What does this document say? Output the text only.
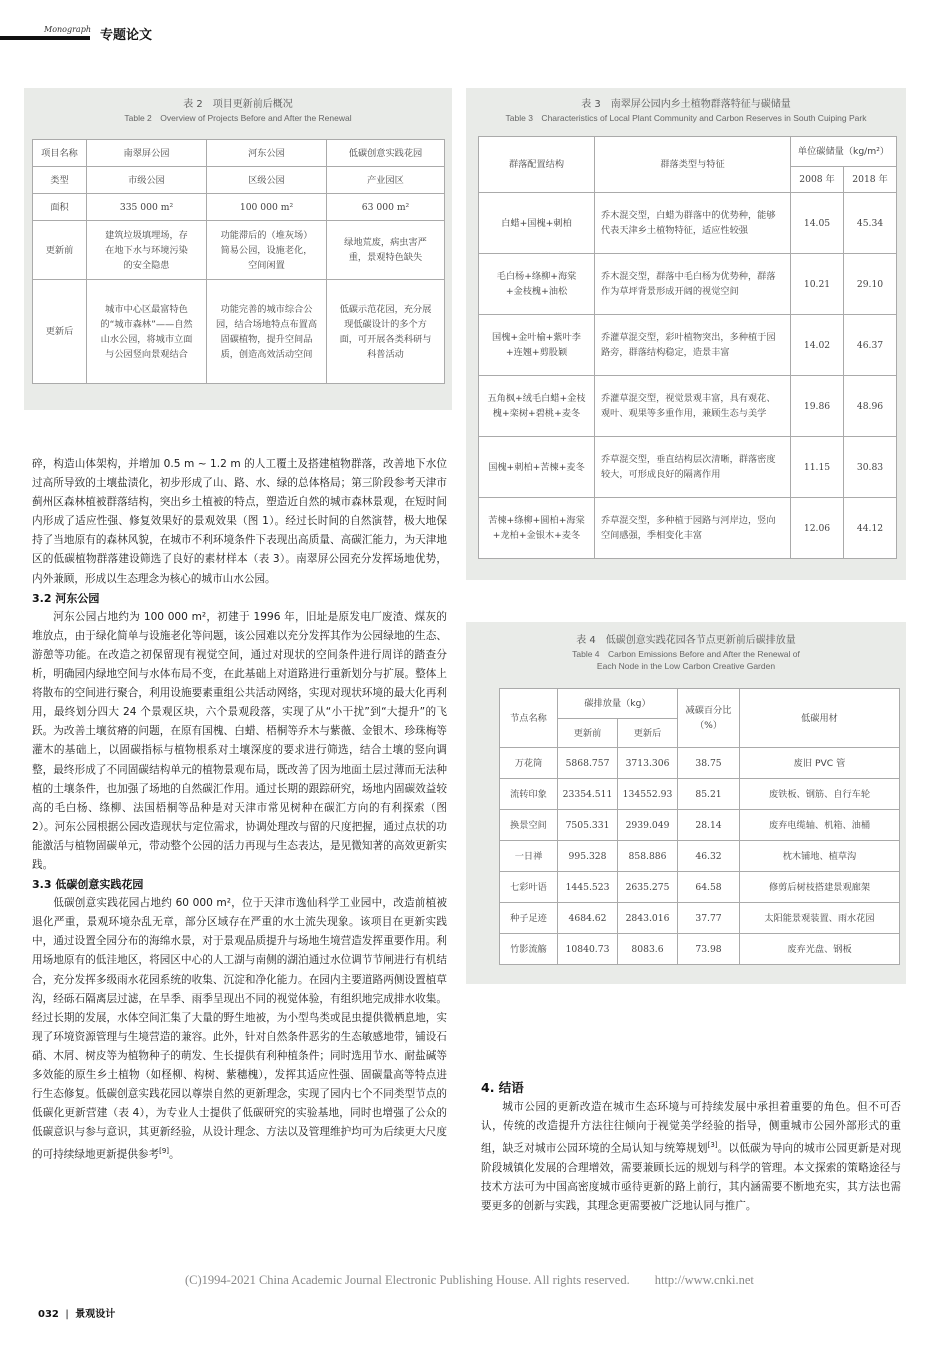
Monograph 专题论文
表 2　项目更新前后概况
Table 2　Overview of Projects Before and After the Renewal
项目名称	南翠屏公园	河东公园	低碳创意实践花园
类型	市级公园	区级公园	产业园区
面积	335 000 m²	100 000 m²	63 000 m²
更新前	建筑垃圾填埋场，存在地下水与环境污染的安全隐患	功能滞后的（堆灰场）简易公园，设施老化，空间闲置	绿地荒废，病虫害严重，景观特色缺失
更新后	城市中心区最富特色的“城市森林”——自然山水公园，将城市立面与公园竖向景观结合	功能完善的城市综合公园，结合场地特点布置高固碳植物，提升空间品质，创造高效活动空间	低碳示范花园，充分展现低碳设计的多个方面，可开展各类科研与科普活动
表 3　南翠屏公园内乡土植物群落特征与碳储量
Table 3　Characteristics of Local Plant Community and Carbon Reserves in South Cuiping Park
群落配置结构	群落类型与特征	单位碳储量（kg/m²）	
		2008 年	2018 年
白蜡+国槐+刺柏	乔木混交型，白蜡为群落中的优势种，能够代表天津乡土植物特征，适应性较强	14.05	45.34
毛白杨+绦柳+海棠+金枝槐+油松	乔木混交型，群落中毛白杨为优势种，群落作为草坪背景形成开阔的视觉空间	10.21	29.10
国槐+金叶榆+紫叶李+连翘+剪股颖	乔灌草混交型，彩叶植物突出，多种植于园路旁，群落结构稳定，造景丰富	14.02	46.37
五角枫+绒毛白蜡+金枝槐+栾树+碧桃+麦冬	乔灌草混交型，视觉景观丰富，具有观花、观叶、观果等多重作用，兼顾生态与美学	19.86	48.96
国槐+刺柏+苦楝+麦冬	乔草混交型，垂直结构层次清晰，群落密度较大，可形成良好的隔离作用	11.15	30.83
苦楝+绦柳+圆柏+海棠+龙柏+金银木+麦冬	乔草混交型，多种植于园路与河岸边，竖向空间感强，季相变化丰富	12.06	44.12
表 4　低碳创意实践花园各节点更新前后碳排放量
Table 4　Carbon Emissions Before and After the Renewal of
Each Node in the Low Carbon Creative Garden
节点名称	碳排放量（kg）		减碳百分比（%）	低碳用材
	更新前	更新后		
万花筒	5868.757	3713.306	38.75	废旧 PVC 管
流转印象	23354.511	134552.93	85.21	废铁板、钢筋、自行车轮
换景空间	7505.331	2939.049	28.14	废弃电缆轴、机箱、油桶
一日禅	995.328	858.886	46.32	枕木铺地、植草沟
七彩叶语	1445.523	2635.275	64.58	修剪后树枝搭建景观廊架
种子足迹	4684.62	2843.016	37.77	太阳能景观装置、雨水花园
竹影流觞	10840.73	8083.6	73.98	废弃光盘、钢板

碎，构造山体架构，并增加 0.5 m ~ 1.2 m 的人工覆土及搭建植物群落，改善地下水位过高所导致的土壤盐渍化，初步形成了山、路、水、绿的总体格局；第三阶段参考天津市蓟州区森林植被群落结构，突出乡土植被的特点，塑造近自然的城市森林景观，在短时间内形成了适应性强、修复效果好的景观效果（图 1）。经过长时间的自然演替，极大地保持了当地原有的森林风貌，在城市不利环境条件下表现出高质量、高碳汇能力，为天津地区的低碳植物群落建设筛选了良好的素材样本（表 3）。南翠屏公园充分发挥场地优势，内外兼顾，形成以生态理念为核心的城市山水公园。

3.2 河东公园

河东公园占地约为 100 000 m²，初建于 1996 年，旧址是原发电厂废渣、煤灰的堆放点，由于绿化简单与设施老化等问题，该公园难以充分发挥其作为公园绿地的生态、游憩等功能。在改造之初保留现有视觉空间，通过对现状的空间条件进行周详的踏查分析，明确园内绿地空间与水体布局不变，在此基础上对道路进行重新划分与扩展。整体上将散布的空间进行聚合，利用设施要素重组公共活动网络，实现对现状环境的最大化再利用，最终划分四大 24 个景观区块，六个景观段落，实现了从“小干扰”到“大提升”的飞跃。为改善土壤贫瘠的问题，在原有国槐、白蜡、梧桐等乔木与紫薇、金银木、珍珠梅等灌木的基础上，以固碳指标与植物根系对土壤深度的要求进行筛选，结合土壤的竖向调整，最终形成了不同固碳结构单元的植物景观布局，既改善了因为地面土层过薄而无法种植的土壤条件，也加强了场地的自然碳汇作用。通过长期的跟踪研究，场地内固碳效益较高的毛白杨、绦柳、法国梧桐等品种是对天津市常见树种在碳汇方向的有利探索（图 2）。河东公园根据公园改造现状与定位需求，协调处理改与留的尺度把握，通过点状的功能激活与植物固碳单元，带动整个公园的活力再现与生态表达，是见微知著的高效更新实践。

3.3 低碳创意实践花园

低碳创意实践花园占地约 60 000 m²，位于天津市逸仙科学工业园中，改造前植被退化严重，景观环境杂乱无章，部分区域存在严重的水土流失现象。该项目在更新实践中，通过设置全园分布的海绵水景，对于景观品质提升与场地生境营造发挥重要作用。利用场地原有的低洼地区，将园区中心的人工湖与南侧的湖泊通过水位调节节闸进行有机结合，充分发挥多级雨水花园系统的收集、沉淀和净化能力。在园内主要道路两侧设置植草沟，经砾石隔离层过滤，在旱季、雨季呈现出不同的视觉体验，有组织地完成排水收集。经过长期的发展，水体空间汇集了大量的野生地被，为小型鸟类或昆虫提供微栖息地，实现了环境资源管理与生境营造的兼容。此外，针对自然条件恶劣的生态敏感地带，铺设石硝、木屑、树皮等为植物种子的萌发、生长提供有利种植条件；同时选用节水、耐盐碱等多效能的原生乡土植物（如柽柳、构树、紫穗槐），发挥其适应性强、固碳量高等特点进行生态修复。低碳创意实践花园以尊崇自然的更新理念，实现了园内七个不同类型节点的低碳化更新营建（表 4），为专业人士提供了低碳研究的实验基地，同时也增强了公众的低碳意识与参与意识，其更新经验，从设计理念、方法以及管理维护均可为后续更大尺度的可持续绿地更新提供参考[9]。

4. 结语

城市公园的更新改造在城市生态环境与可持续发展中承担着重要的角色。但不可否认，传统的改造提升方法往往倾向于视觉美学经验的指导，侧重城市公园外部形式的重组，缺乏对城市公园环境的全局认知与统筹规划[3]。以低碳为导向的城市公园更新是对现阶段城镇化发展的合理增效，需要兼顾长远的规划与科学的管理。本文探索的策略途径与技术方法可为中国高密度城市亟待更新的路上前行，其内涵需要不断地充实，其方法也需要更多的创新与实践，其理念更需要被广泛地认同与推广。

(C)1994-2021 China Academic Journal Electronic Publishing House. All rights reserved.　　http://www.cnki.net
032 | 景观设计
